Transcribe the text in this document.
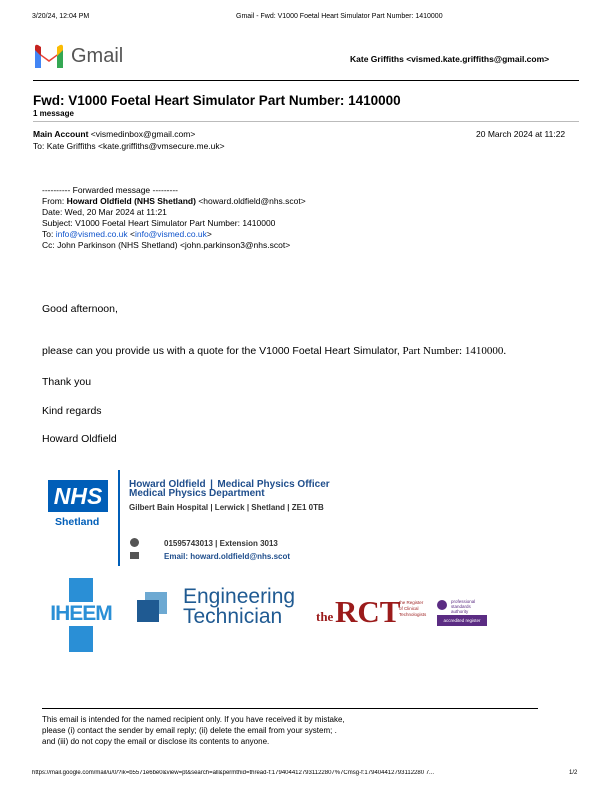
3/20/24, 12:04 PM	Gmail - Fwd: V1000 Foetal Heart Simulator Part Number: 1410000
Gmail	Kate Griffiths <vismed.kate.griffiths@gmail.com>
Fwd: V1000 Foetal Heart Simulator Part Number: 1410000
1 message
Main Account <vismedinbox@gmail.com>	20 March 2024 at 11:22
To: Kate Griffiths <kate.griffiths@vmsecure.me.uk>
---------- Forwarded message ---------
From: Howard Oldfield (NHS Shetland) <howard.oldfield@nhs.scot>
Date: Wed, 20 Mar 2024 at 11:21
Subject: V1000 Foetal Heart Simulator Part Number: 1410000
To: info@vismed.co.uk <info@vismed.co.uk>
Cc: John Parkinson (NHS Shetland) <john.parkinson3@nhs.scot>
Good afternoon,
please can you provide us with a quote for the V1000 Foetal Heart Simulator, Part Number: 1410000.
Thank you
Kind regards
Howard Oldfield
NHS
Shetland
Howard Oldfield | Medical Physics Officer
Medical Physics Department
Gilbert Bain Hospital | Lerwick | Shetland | ZE1 0TB
01595743013 | Extension 3013
Email: howard.oldfield@nhs.scot
IHEEM
Engineering
Technician	the RCT
the Register
of Clinical
Technologists
professional
standards
authority
accredited register
This email is intended for the named recipient only. If you have received it by mistake,
please (i) contact the sender by email reply; (ii) delete the email from your system; .
and (iii) do not copy the email or disclose its contents to anyone.
https://mail.google.com/mail/u/0/?ik=b5571e6be0&view=pt&search=all&permthid=thread-f:1794044127931122807%7Cmsg-f:179404412793112280 7...	1/2
